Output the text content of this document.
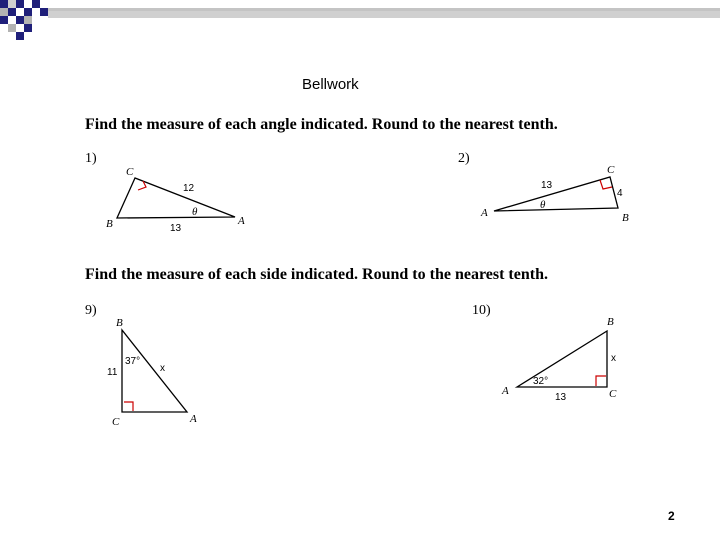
Bellwork
Find the measure of each angle indicated. Round to the nearest tenth.
Find the measure of each side indicated. Round to the nearest tenth.
1)
C
B	A
θ
12
13
2)
C
B
A
θ
13
4
9)
B
C	A
37°
11	x
10)
B
C
A
32°
13
x
2
